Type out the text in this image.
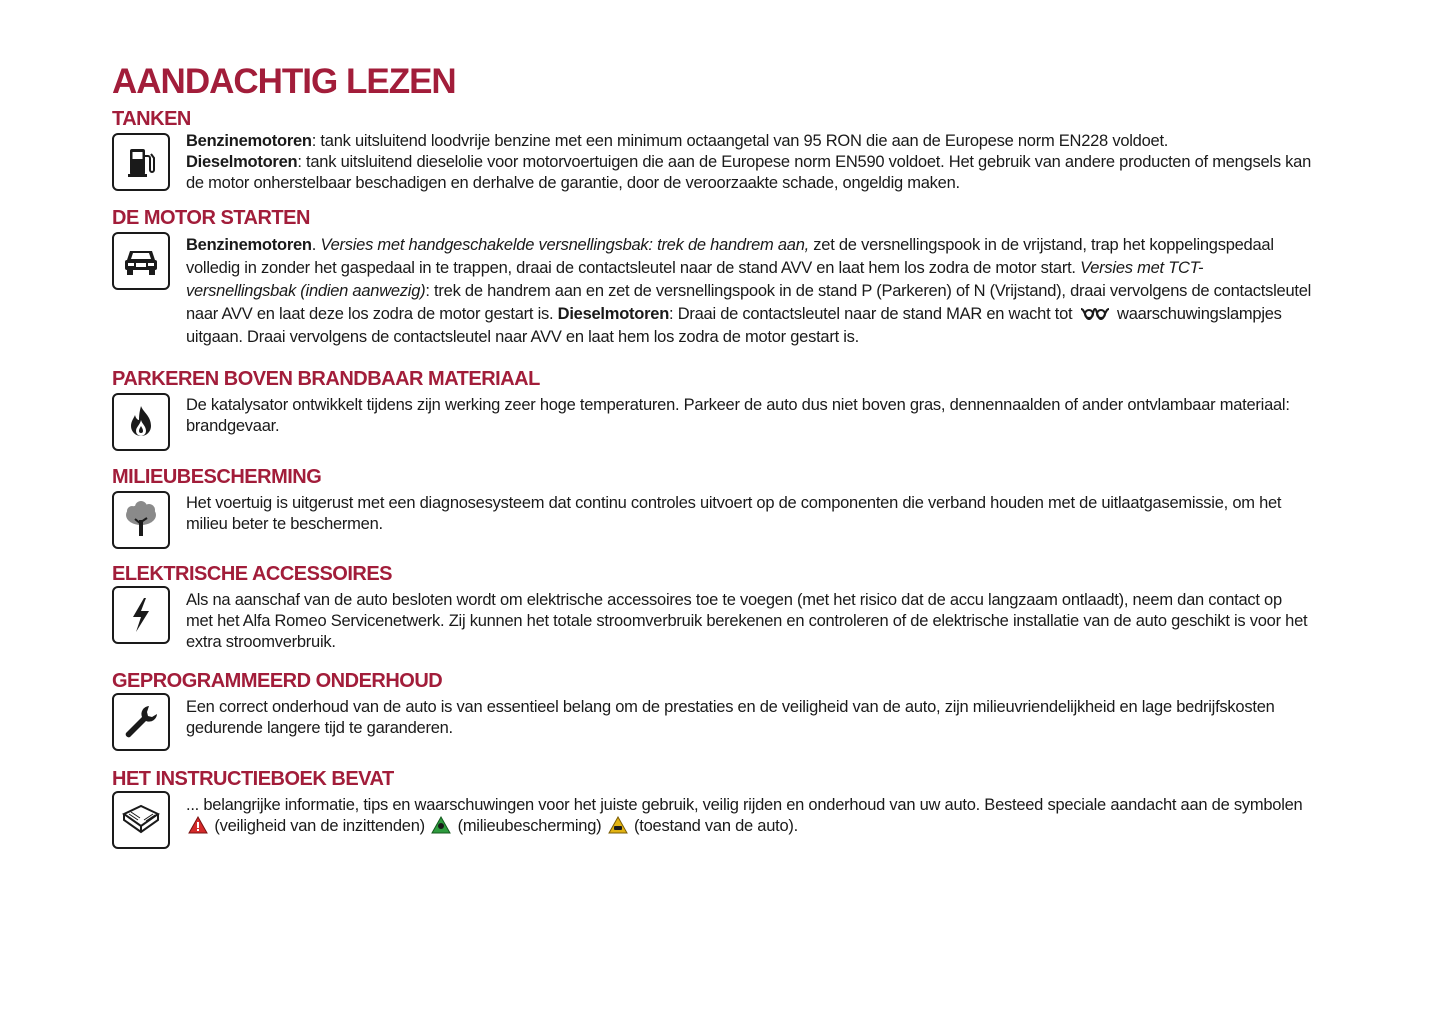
AANDACHTIG LEZEN
TANKEN

Benzinemotoren: tank uitsluitend loodvrije benzine met een minimum octaangetal van 95 RON die aan de Europese norm EN228 voldoet.
Dieselmotoren: tank uitsluitend dieselolie voor motorvoertuigen die aan de Europese norm EN590 voldoet. Het gebruik van andere producten of mengsels kan de motor onherstelbaar beschadigen en derhalve de garantie, door de veroorzaakte schade, ongeldig maken.

DE MOTOR STARTEN

Benzinemotoren. Versies met handgeschakelde versnellingsbak: trek de handrem aan, zet de versnellingspook in de vrijstand, trap het koppelingspedaal volledig in zonder het gaspedaal in te trappen, draai de contactsleutel naar de stand AVV en laat hem los zodra de motor start. Versies met TCT-versnellingsbak (indien aanwezig): trek de handrem aan en zet de versnellingspook in de stand P (Parkeren) of N (Vrijstand), draai vervolgens de contactsleutel naar AVV en laat deze los zodra de motor gestart is. Dieselmotoren: Draai de contactsleutel naar de stand MAR en wacht tot  waarschuwingslampjes uitgaan. Draai vervolgens de contactsleutel naar AVV en laat hem los zodra de motor gestart is.

PARKEREN BOVEN BRANDBAAR MATERIAAL

De katalysator ontwikkelt tijdens zijn werking zeer hoge temperaturen. Parkeer de auto dus niet boven gras, dennennaalden of ander ontvlambaar materiaal: brandgevaar.

MILIEUBESCHERMING

Het voertuig is uitgerust met een diagnosesysteem dat continu controles uitvoert op de componenten die verband houden met de uitlaatgasemissie, om het milieu beter te beschermen.

ELEKTRISCHE ACCESSOIRES

Als na aanschaf van de auto besloten wordt om elektrische accessoires toe te voegen (met het risico dat de accu langzaam ontlaadt), neem dan contact op met het Alfa Romeo Servicenetwerk. Zij kunnen het totale stroomverbruik berekenen en controleren of de elektrische installatie van de auto geschikt is voor het extra stroomverbruik.

GEPROGRAMMEERD ONDERHOUD

Een correct onderhoud van de auto is van essentieel belang om de prestaties en de veiligheid van de auto, zijn milieuvriendelijkheid en lage bedrijfskosten gedurende langere tijd te garanderen.

HET INSTRUCTIEBOEK BEVAT

... belangrijke informatie, tips en waarschuwingen voor het juiste gebruik, veilig rijden en onderhoud van uw auto. Besteed speciale aandacht aan de symbolen  (veiligheid van de inzittenden)  (milieubescherming)  (toestand van de auto).
